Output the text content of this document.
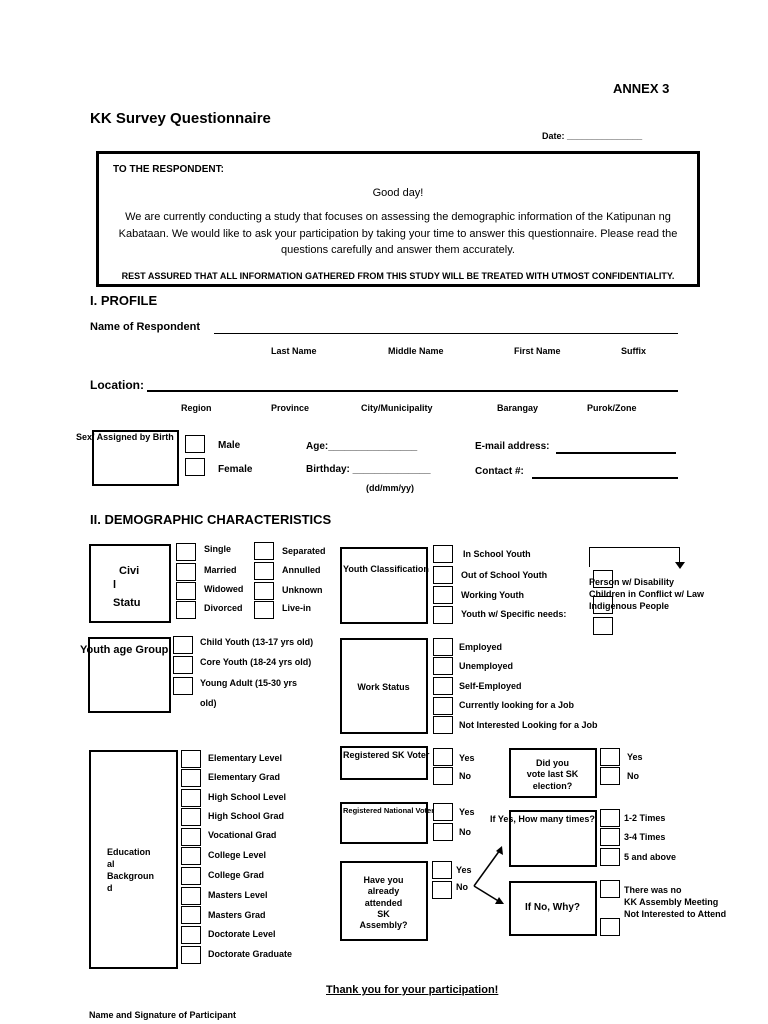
ANNEX 3
KK Survey Questionnaire
Date: _______________
TO THE RESPONDENT:
Good day!
We are currently conducting a study that focuses on assessing the demographic information of the Katipunan ng Kabataan. We would like to ask your participation by taking your time to answer this questionnaire. Please read the questions carefully and answer them accurately.
REST ASSURED THAT ALL INFORMATION GATHERED FROM THIS STUDY WILL BE TREATED WITH UTMOST CONFIDENTIALITY.
I. PROFILE
Name of Respondent
Last Name	Middle Name	First Name	Suffix
Location:
Region	Province	City/Municipality	Barangay	Purok/Zone
Sex/ Assigned by Birth
Male
Female
Age:________________
Birthday: ______________
(dd/mm/yy)
E-mail address:
Contact #:
II. DEMOGRAPHIC CHARACTERISTICS
Civi
l
Statu
Single
Married
Widowed
Divorced
Separated
Annulled
Unknown
Live-in
Youth Classification
In School Youth
Out of School Youth
Working Youth
Youth w/ Specific needs:
Person w/ Disability
Children in Conflict w/ Law
Indigenous People
Youth age Group
Child Youth (13-17 yrs old)
Core Youth (18-24 yrs old)
Young Adult (15-30 yrs
old)
Work Status
Employed
Unemployed
Self-Employed
Currently looking for a Job
Not Interested Looking for a Job
Education
al
Backgroun
d
Elementary Level
Elementary Grad
High School Level
High School Grad
Vocational Grad
College Level
College Grad
Masters Level
Masters Grad
Doctorate Level
Doctorate Graduate
Registered SK Voter	Yes
No
Registered National Voter	Yes
No
Have you
already
attended
SK
Assembly?
Yes
No
Did you
vote last SK
election?
Yes
No
If Yes, How many times?	1-2 Times
3-4 Times
5 and above
If No, Why?
There was no
KK Assembly Meeting
Not Interested to Attend
Thank you for your participation!
Name and Signature of Participant
